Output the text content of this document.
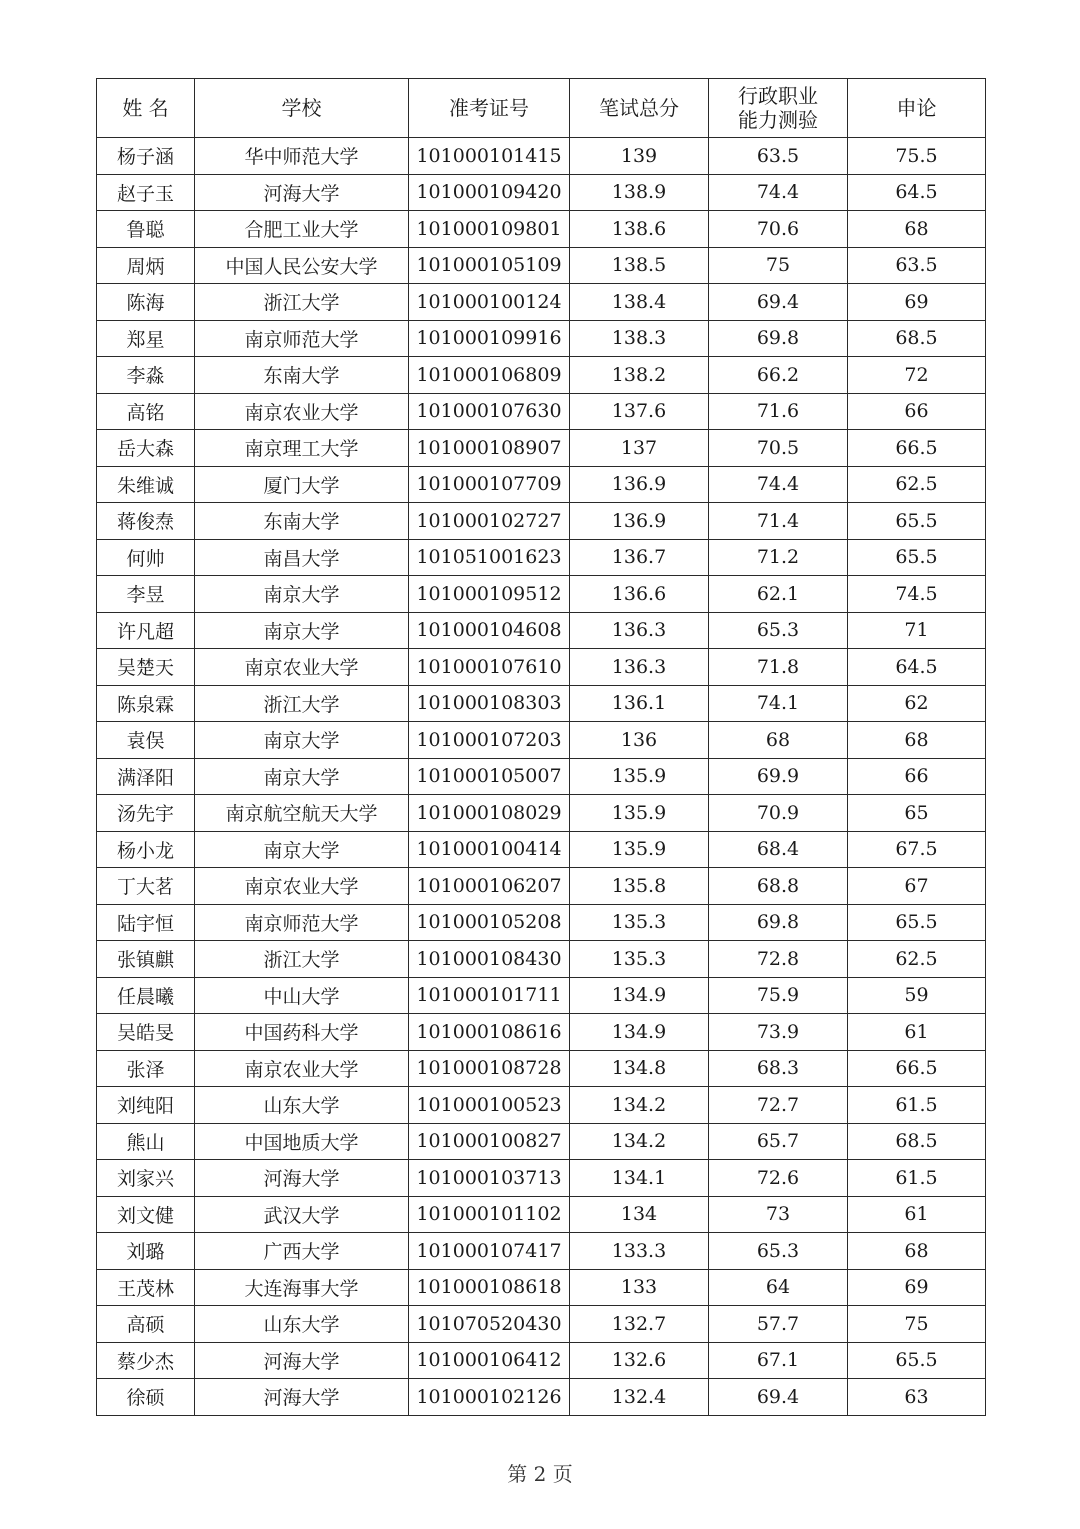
姓 名	学校	准考证号	笔试总分	行政职业能力测验	申论
杨子涵	华中师范大学	101000101415	139	63.5	75.5
赵子玉	河海大学	101000109420	138.9	74.4	64.5
鲁聪	合肥工业大学	101000109801	138.6	70.6	68
周炳	中国人民公安大学	101000105109	138.5	75	63.5
陈海	浙江大学	101000100124	138.4	69.4	69
郑星	南京师范大学	101000109916	138.3	69.8	68.5
李淼	东南大学	101000106809	138.2	66.2	72
高铭	南京农业大学	101000107630	137.6	71.6	66
岳大森	南京理工大学	101000108907	137	70.5	66.5
朱维诚	厦门大学	101000107709	136.9	74.4	62.5
蒋俊焘	东南大学	101000102727	136.9	71.4	65.5
何帅	南昌大学	101051001623	136.7	71.2	65.5
李昱	南京大学	101000109512	136.6	62.1	74.5
许凡超	南京大学	101000104608	136.3	65.3	71
吴楚天	南京农业大学	101000107610	136.3	71.8	64.5
陈泉霖	浙江大学	101000108303	136.1	74.1	62
袁俣	南京大学	101000107203	136	68	68
满泽阳	南京大学	101000105007	135.9	69.9	66
汤先宇	南京航空航天大学	101000108029	135.9	70.9	65
杨小龙	南京大学	101000100414	135.9	68.4	67.5
丁大茗	南京农业大学	101000106207	135.8	68.8	67
陆宇恒	南京师范大学	101000105208	135.3	69.8	65.5
张镇麒	浙江大学	101000108430	135.3	72.8	62.5
任晨曦	中山大学	101000101711	134.9	75.9	59
吴皓旻	中国药科大学	101000108616	134.9	73.9	61
张泽	南京农业大学	101000108728	134.8	68.3	66.5
刘纯阳	山东大学	101000100523	134.2	72.7	61.5
熊山	中国地质大学	101000100827	134.2	65.7	68.5
刘家兴	河海大学	101000103713	134.1	72.6	61.5
刘文健	武汉大学	101000101102	134	73	61
刘璐	广西大学	101000107417	133.3	65.3	68
王茂林	大连海事大学	101000108618	133	64	69
高硕	山东大学	101070520430	132.7	57.7	75
蔡少杰	河海大学	101000106412	132.6	67.1	65.5
徐硕	河海大学	101000102126	132.4	69.4	63
第 2 页
